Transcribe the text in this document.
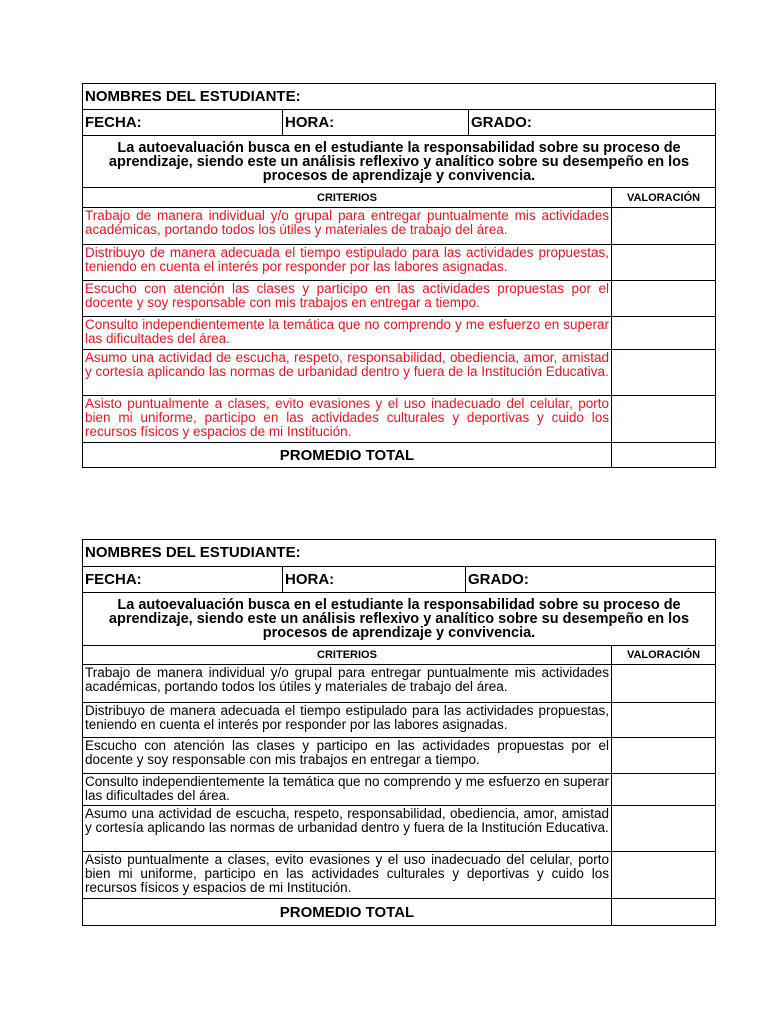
NOMBRES DEL ESTUDIANTE:			
FECHA:	HORA:	GRADO:	
La autoevaluación busca en el estudiante la responsabilidad sobre su proceso de aprendizaje, siendo este un análisis reflexivo y analítico sobre su desempeño en los procesos de aprendizaje y convivencia.			
CRITERIOS			VALORACIÓN
Trabajo de manera individual y/o grupal para entregar puntualmente mis actividades académicas, portando todos los útiles y materiales de trabajo del área.			
Distribuyo de manera adecuada el tiempo estipulado para las actividades propuestas, teniendo en cuenta el interés por responder por las labores asignadas.			
Escucho con atención las clases y participo en las actividades propuestas por el docente y soy responsable con mis trabajos en entregar a tiempo.			
Consulto independientemente la temática que no comprendo y me esfuerzo en superar las dificultades del área.			
Asumo una actividad de escucha, respeto, responsabilidad, obediencia, amor, amistad y cortesía aplicando las normas de urbanidad dentro y fuera de la Institución Educativa.			
Asisto puntualmente a clases, evito evasiones y el uso inadecuado del celular, porto bien mi uniforme, participo en las actividades culturales y deportivas y cuido los recursos físicos y espacios de mi Institución.			
PROMEDIO TOTAL			
NOMBRES DEL ESTUDIANTE:			
FECHA:	HORA:	GRADO:	
La autoevaluación busca en el estudiante la responsabilidad sobre su proceso de aprendizaje, siendo este un análisis reflexivo y analítico sobre su desempeño en los procesos de aprendizaje y convivencia.			
CRITERIOS			VALORACIÓN
Trabajo de manera individual y/o grupal para entregar puntualmente mis actividades académicas, portando todos los útiles y materiales de trabajo del área.			
Distribuyo de manera adecuada el tiempo estipulado para las actividades propuestas, teniendo en cuenta el interés por responder por las labores asignadas.			
Escucho con atención las clases y participo en las actividades propuestas por el docente y soy responsable con mis trabajos en entregar a tiempo.			
Consulto independientemente la temática que no comprendo y me esfuerzo en superar las dificultades del área.			
Asumo una actividad de escucha, respeto, responsabilidad, obediencia, amor, amistad y cortesía aplicando las normas de urbanidad dentro y fuera de la Institución Educativa.			
Asisto puntualmente a clases, evito evasiones y el uso inadecuado del celular, porto bien mi uniforme, participo en las actividades culturales y deportivas y cuido los recursos físicos y espacios de mi Institución.			
PROMEDIO TOTAL			
